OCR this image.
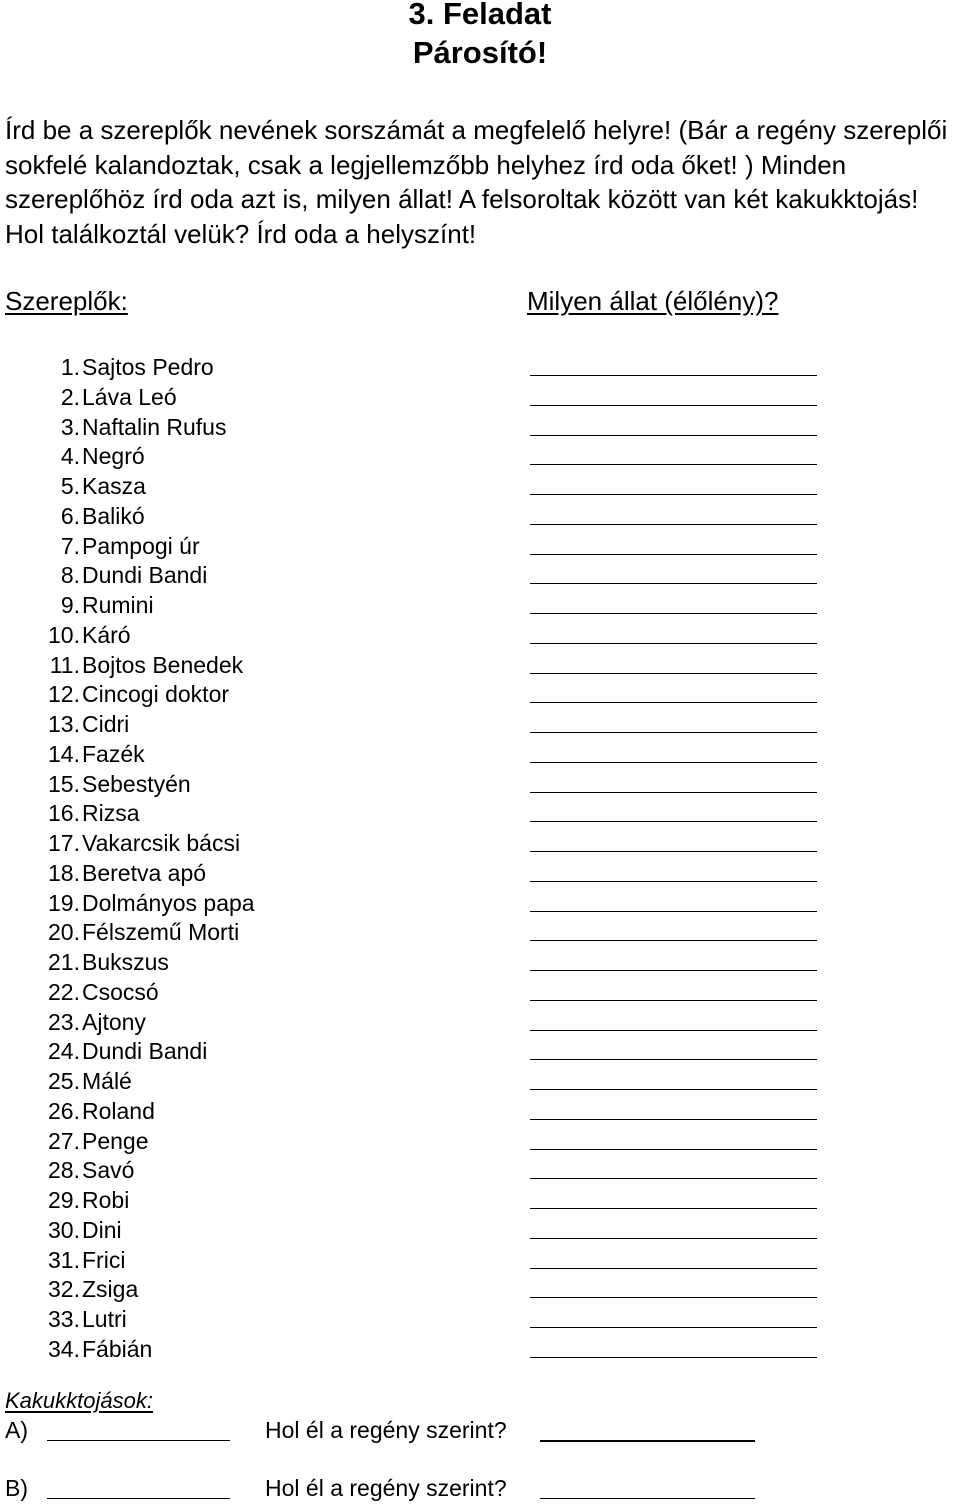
3. Feladat
Párosító!

Írd be a szereplők nevének sorszámát a megfelelő helyre! (Bár a regény szereplői sokfelé kalandoztak, csak a legjellemzőbb helyhez írd oda őket! ) Minden szereplőhöz írd oda azt is, milyen állat! A felsoroltak között van két kakukktojás! Hol találkoztál velük? Írd oda a helyszínt!

Szereplők:	Milyen állat (élőlény)?
1. Sajtos Pedro
2. Láva Leó
3. Naftalin Rufus
4. Negró
5. Kasza
6. Balikó
7. Pampogi úr
8. Dundi Bandi
9. Rumini
10. Káró
11. Bojtos Benedek
12. Cincogi doktor
13. Cidri
14. Fazék
15. Sebestyén
16. Rizsa
17. Vakarcsik bácsi
18. Beretva apó
19. Dolmányos papa
20. Félszemű Morti
21. Bukszus
22. Csocsó
23. Ajtony
24. Dundi Bandi
25. Málé
26. Roland
27. Penge
28. Savó
29. Robi
30. Dini
31. Frici
32. Zsiga
33. Lutri
34. Fábián
Kakukktojások:
A)	Hol él a regény szerint?
B)	Hol él a regény szerint?
